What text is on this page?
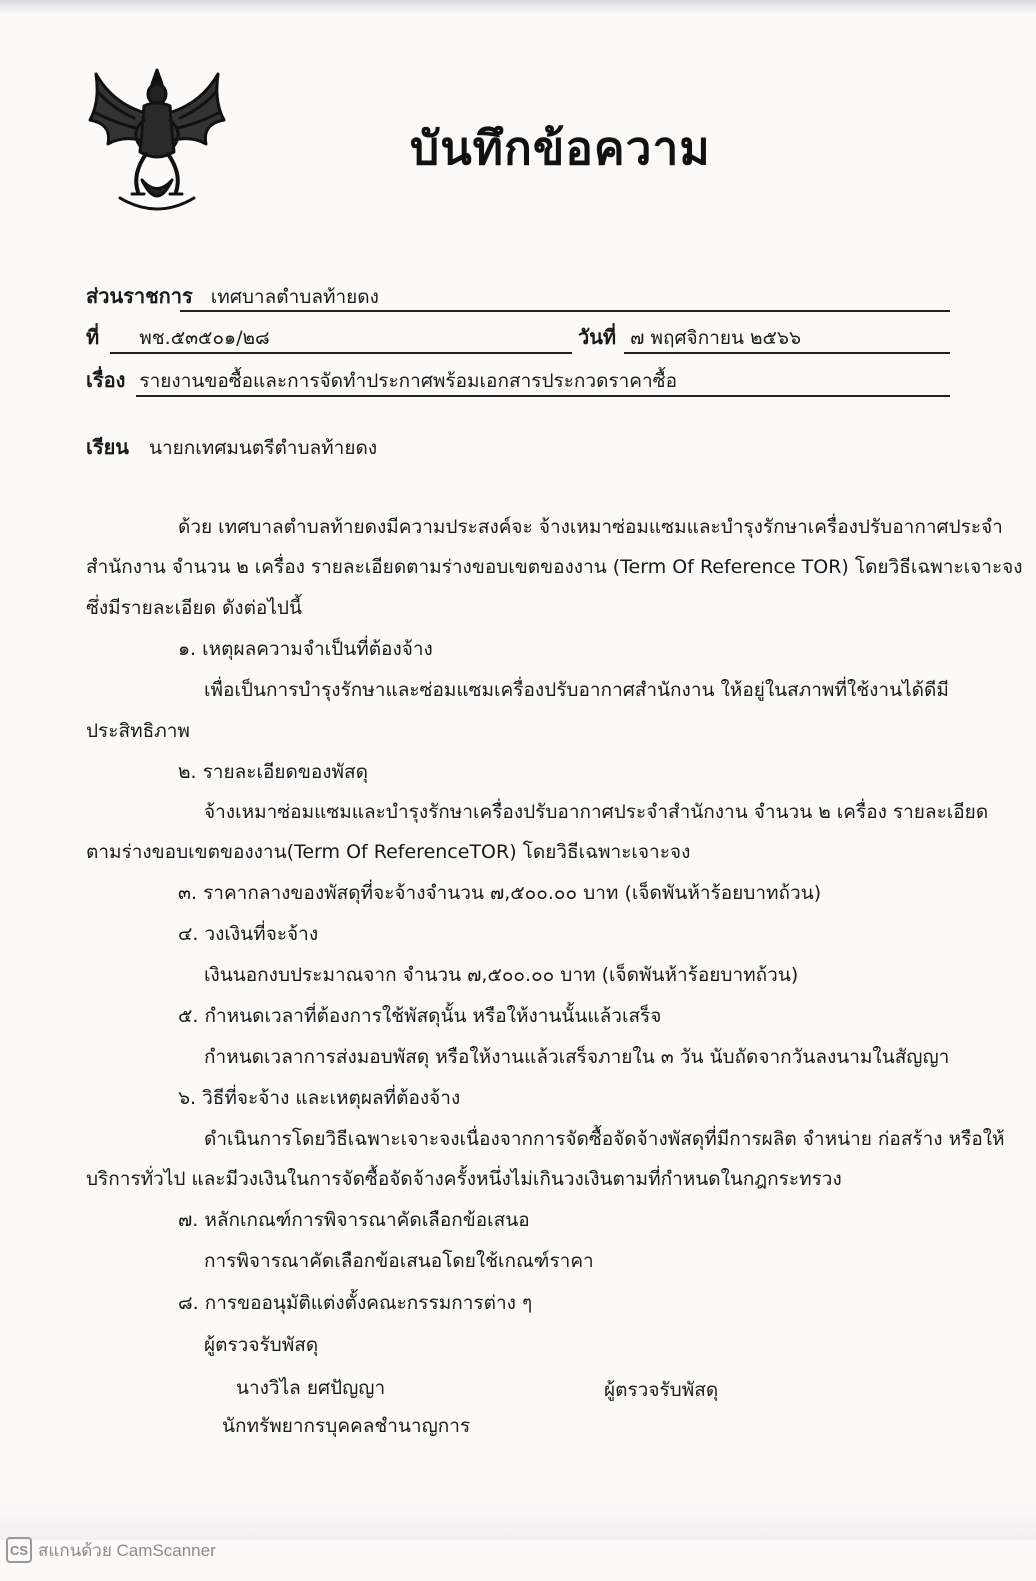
บันทึกข้อความ
ส่วนราชการ เทศบาลตำบลท้ายดง
ที่ พช.๕๓๕๐๑/๒๘	วันที่ ๗ พฤศจิกายน ๒๕๖๖
เรื่อง รายงานขอซื้อและการจัดทำประกาศพร้อมเอกสารประกวดราคาซื้อ
เรียน นายกเทศมนตรีตำบลท้ายดง
ด้วย เทศบาลตำบลท้ายดงมีความประสงค์จะ จ้างเหมาซ่อมแซมและบำรุงรักษาเครื่องปรับอากาศประจำ
สำนักงาน จำนวน ๒ เครื่อง รายละเอียดตามร่างขอบเขตของงาน (Term Of Reference TOR) โดยวิธีเฉพาะเจาะจง
ซึ่งมีรายละเอียด ดังต่อไปนี้
๑. เหตุผลความจำเป็นที่ต้องจ้าง
เพื่อเป็นการบำรุงรักษาและซ่อมแซมเครื่องปรับอากาศสำนักงาน ให้อยู่ในสภาพที่ใช้งานได้ดีมี
ประสิทธิภาพ
๒. รายละเอียดของพัสดุ
จ้างเหมาซ่อมแซมและบำรุงรักษาเครื่องปรับอากาศประจำสำนักงาน จำนวน ๒ เครื่อง รายละเอียด
ตามร่างขอบเขตของงาน(Term Of ReferenceTOR) โดยวิธีเฉพาะเจาะจง
๓. ราคากลางของพัสดุที่จะจ้างจำนวน ๗,๕๐๐.๐๐ บาท (เจ็ดพันห้าร้อยบาทถ้วน)
๔. วงเงินที่จะจ้าง
เงินนอกงบประมาณจาก จำนวน ๗,๕๐๐.๐๐ บาท (เจ็ดพันห้าร้อยบาทถ้วน)
๕. กำหนดเวลาที่ต้องการใช้พัสดุนั้น หรือให้งานนั้นแล้วเสร็จ
กำหนดเวลาการส่งมอบพัสดุ หรือให้งานแล้วเสร็จภายใน ๓ วัน นับถัดจากวันลงนามในสัญญา
๖. วิธีที่จะจ้าง และเหตุผลที่ต้องจ้าง
ดำเนินการโดยวิธีเฉพาะเจาะจงเนื่องจากการจัดซื้อจัดจ้างพัสดุที่มีการผลิต จำหน่าย ก่อสร้าง หรือให้
บริการทั่วไป และมีวงเงินในการจัดซื้อจัดจ้างครั้งหนึ่งไม่เกินวงเงินตามที่กำหนดในกฎกระทรวง
๗. หลักเกณฑ์การพิจารณาคัดเลือกข้อเสนอ
การพิจารณาคัดเลือกข้อเสนอโดยใช้เกณฑ์ราคา
๘. การขออนุมัติแต่งตั้งคณะกรรมการต่าง ๆ
ผู้ตรวจรับพัสดุ
นางวิไล ยศปัญญา	ผู้ตรวจรับพัสดุ
นักทรัพยากรบุคคลชำนาญการ
CS สแกนด้วย CamScanner
